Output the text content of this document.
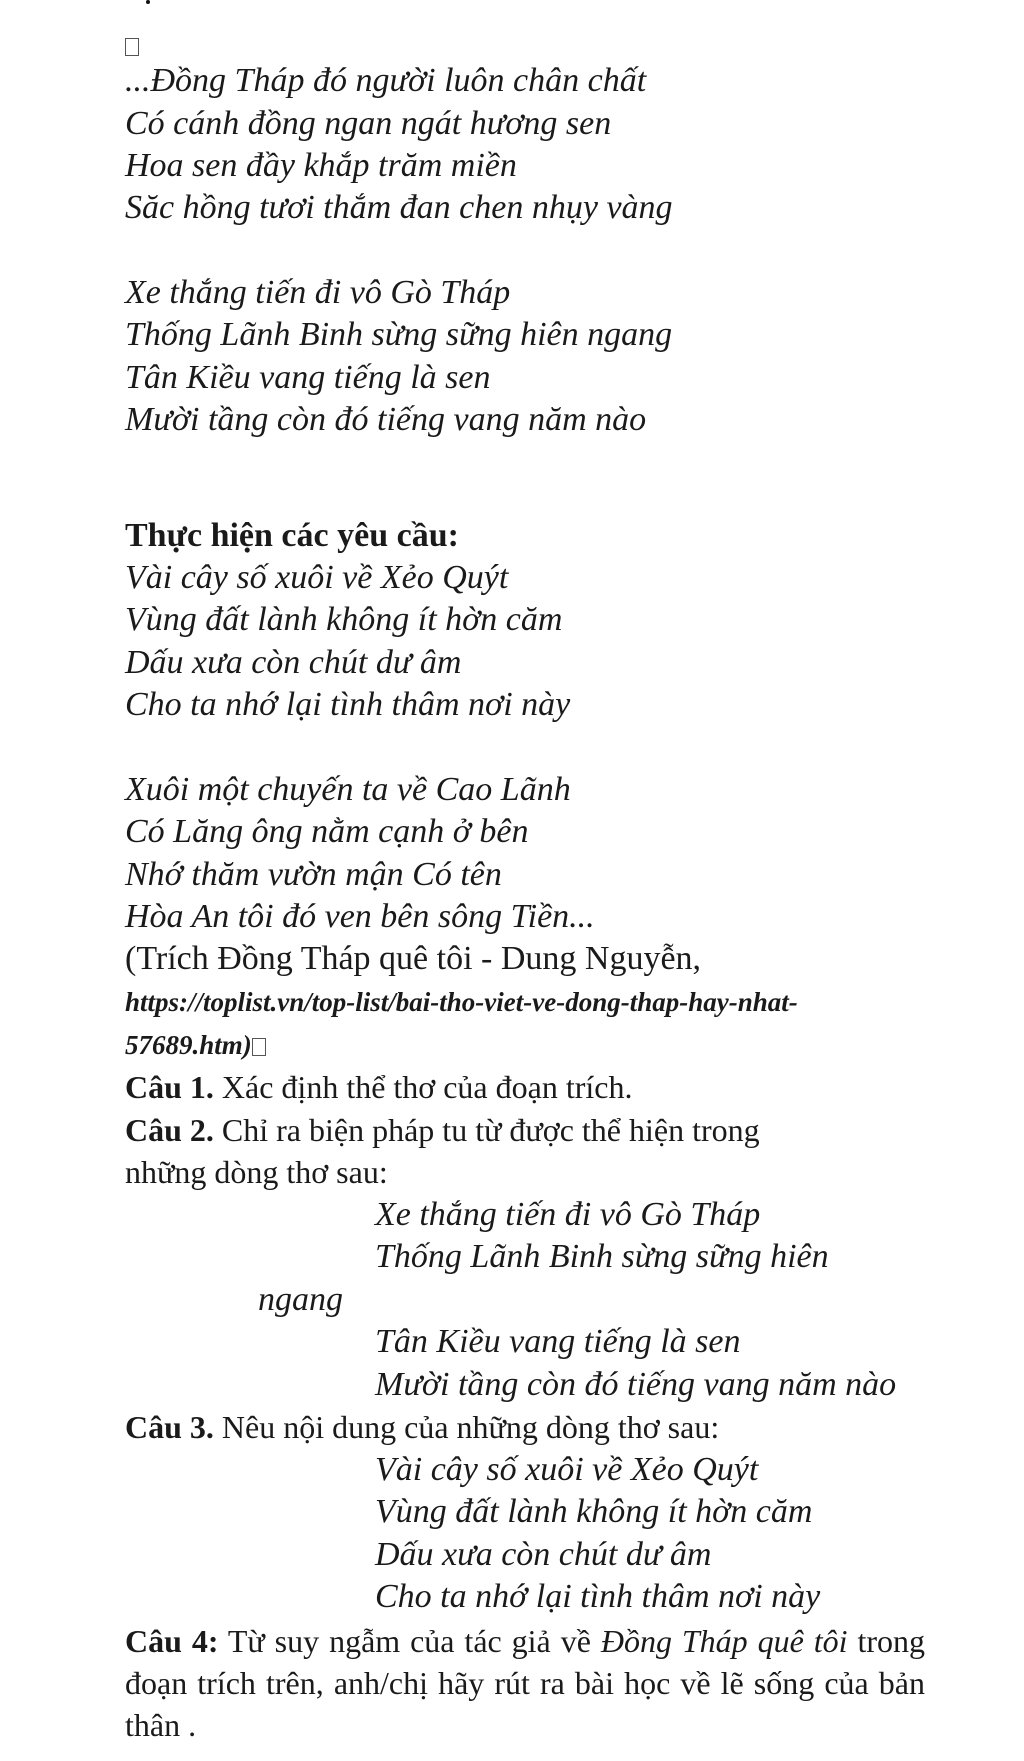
...Đồng Tháp đó người luôn chân chất
Có cánh đồng ngan ngát hương sen
Hoa sen đầy khắp trăm miền
Săc hồng tươi thắm đan chen nhụy vàng
Xe thắng tiến đi vô Gò Tháp
Thống Lãnh Binh sừng sững hiên ngang
Tân Kiều vang tiếng là sen
Mười tầng còn đó tiếng vang năm nào
Thực hiện các yêu cầu:
Vài cây số xuôi về Xẻo Quýt
Vùng đất lành không ít hờn căm
Dấu xưa còn chút dư âm
Cho ta nhớ lại tình thâm nơi này
Xuôi một chuyến ta về Cao Lãnh
Có Lăng ông nằm cạnh ở bên
Nhớ thăm vườn mận Có tên
Hòa An tôi đó ven bên sông Tiền...
(Trích Đồng Tháp quê tôi - Dung Nguyễn,
https://toplist.vn/top-list/bai-tho-viet-ve-dong-thap-hay-nhat-
57689.htm)
Câu 1. Xác định thể thơ của đoạn trích.
Câu 2. Chỉ ra biện pháp tu từ được thể hiện trong
những dòng thơ sau:
Xe thắng tiến đi vô Gò Tháp
Thống Lãnh Binh sừng sững hiên
ngang
Tân Kiều vang tiếng là sen
Mười tầng còn đó tiếng vang năm nào
Câu 3. Nêu nội dung của những dòng thơ sau:
Vài cây số xuôi về Xẻo Quýt
Vùng đất lành không ít hờn căm
Dấu xưa còn chút dư âm
Cho ta nhớ lại tình thâm nơi này
Câu 4: Từ suy ngẫm của tác giả về Đồng Tháp quê tôi trong đoạn trích trên, anh/chị hãy rút ra bài học về lẽ sống của bản thân .
